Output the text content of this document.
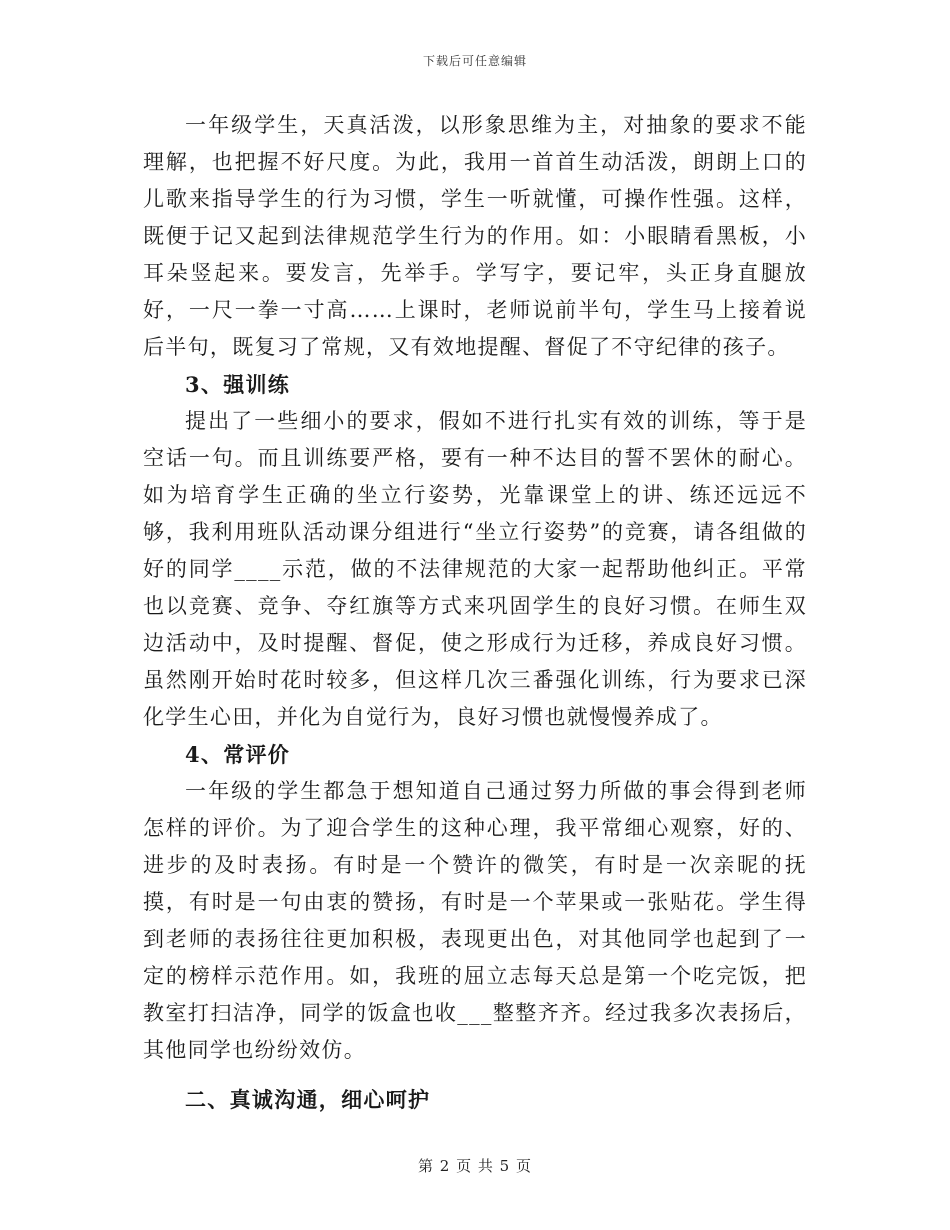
下载后可任意编辑

一年级学生，天真活泼，以形象思维为主，对抽象的要求不能理解，也把握不好尺度。为此，我用一首首生动活泼，朗朗上口的儿歌来指导学生的行为习惯，学生一听就懂，可操作性强。这样，既便于记又起到法律规范学生行为的作用。如：小眼睛看黑板，小耳朵竖起来。要发言，先举手。学写字，要记牢，头正身直腿放好，一尺一拳一寸高……上课时，老师说前半句，学生马上接着说后半句，既复习了常规，又有效地提醒、督促了不守纪律的孩子。

3、强训练

提出了一些细小的要求，假如不进行扎实有效的训练，等于是空话一句。而且训练要严格，要有一种不达目的誓不罢休的耐心。如为培育学生正确的坐立行姿势，光靠课堂上的讲、练还远远不够，我利用班队活动课分组进行“坐立行姿势”的竞赛，请各组做的好的同学____示范，做的不法律规范的大家一起帮助他纠正。平常也以竞赛、竞争、夺红旗等方式来巩固学生的良好习惯。在师生双边活动中，及时提醒、督促，使之形成行为迁移，养成良好习惯。虽然刚开始时花时较多，但这样几次三番强化训练，行为要求已深化学生心田，并化为自觉行为，良好习惯也就慢慢养成了。

4、常评价

一年级的学生都急于想知道自己通过努力所做的事会得到老师怎样的评价。为了迎合学生的这种心理，我平常细心观察，好的、进步的及时表扬。有时是一个赞许的微笑，有时是一次亲昵的抚摸，有时是一句由衷的赞扬，有时是一个苹果或一张贴花。学生得到老师的表扬往往更加积极，表现更出色，对其他同学也起到了一定的榜样示范作用。如，我班的屈立志每天总是第一个吃完饭，把教室打扫洁净，同学的饭盒也收___整整齐齐。经过我多次表扬后，其他同学也纷纷效仿。

二、真诚沟通，细心呵护

第 2 页 共 5 页
